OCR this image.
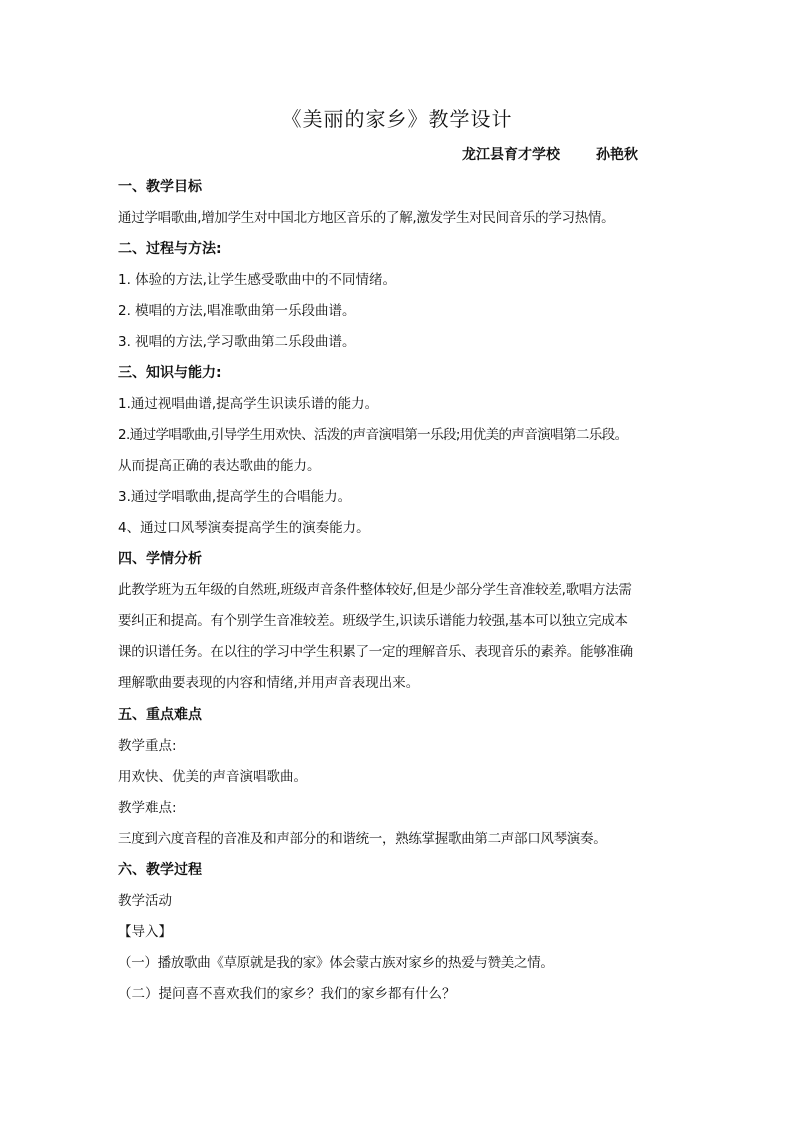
《美丽的家乡》教学设计
龙江县育才学校	孙艳秋
一、教学目标
通过学唱歌曲,增加学生对中国北方地区音乐的了解,激发学生对民间音乐的学习热情。
二、过程与方法:
1. 体验的方法,让学生感受歌曲中的不同情绪。
2. 模唱的方法,唱准歌曲第一乐段曲谱。
3. 视唱的方法,学习歌曲第二乐段曲谱。
三、知识与能力:
1.通过视唱曲谱,提高学生识读乐谱的能力。
2.通过学唱歌曲,引导学生用欢快、活泼的声音演唱第一乐段;用优美的声音演唱第二乐段。
从而提高正确的表达歌曲的能力。
3.通过学唱歌曲,提高学生的合唱能力。
4、通过口风琴演奏提高学生的演奏能力。
四、学情分析
此教学班为五年级的自然班,班级声音条件整体较好,但是少部分学生音准较差,歌唱方法需
要纠正和提高。有个别学生音准较差。班级学生,识读乐谱能力较强,基本可以独立完成本
课的识谱任务。在以往的学习中学生积累了一定的理解音乐、表现音乐的素养。能够准确
理解歌曲要表现的内容和情绪,并用声音表现出来。
五、重点难点
教学重点:
用欢快、优美的声音演唱歌曲。
教学难点:
三度到六度音程的音准及和声部分的和谐统一，熟练掌握歌曲第二声部口风琴演奏。
六、教学过程
教学活动
【导入】
（一）播放歌曲《草原就是我的家》体会蒙古族对家乡的热爱与赞美之情。
（二）提问喜不喜欢我们的家乡？我们的家乡都有什么？
